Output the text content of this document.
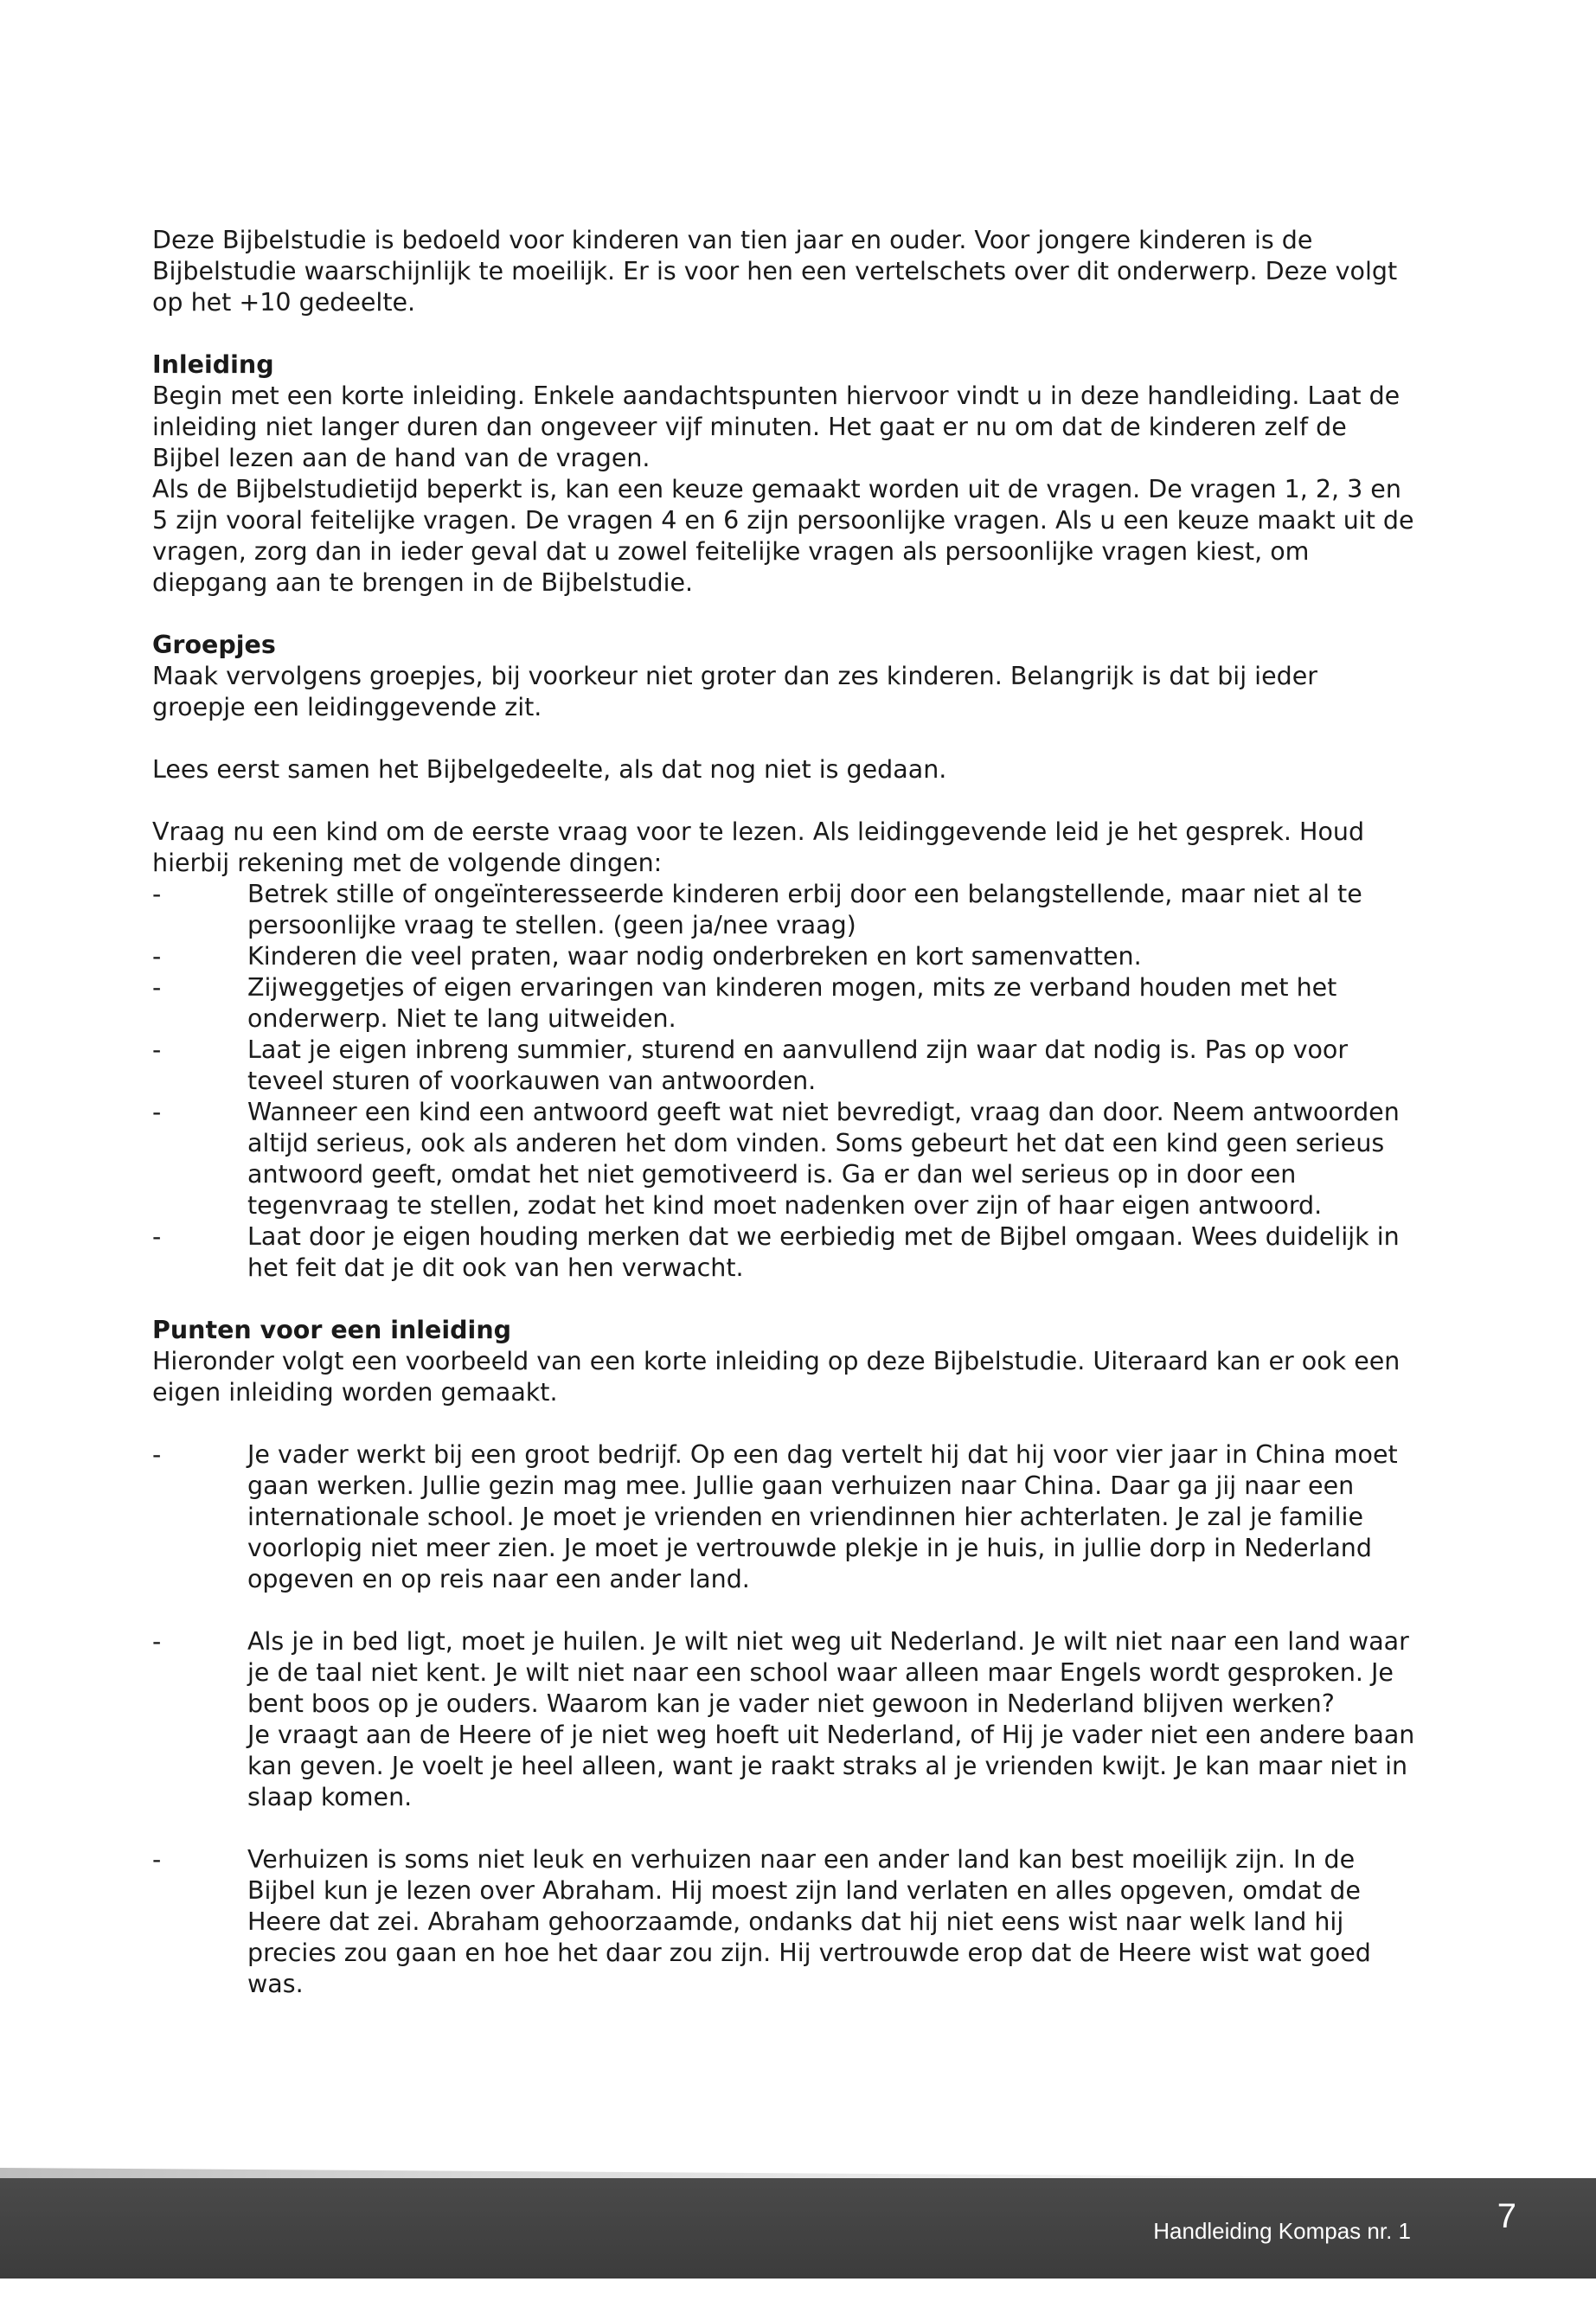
Deze Bijbelstudie is bedoeld voor kinderen van tien jaar en ouder. Voor jongere kinderen is de Bijbelstudie waarschijnlijk te moeilijk. Er is voor hen een vertelschets over dit onderwerp. Deze volgt op het +10 gedeelte.

Inleiding

Begin met een korte inleiding. Enkele aandachtspunten hiervoor vindt u in deze handleiding. Laat de inleiding niet langer duren dan ongeveer vijf minuten. Het gaat er nu om dat de kinderen zelf de Bijbel lezen aan de hand van de vragen.

Als de Bijbelstudietijd beperkt is, kan een keuze gemaakt worden uit de vragen. De vragen 1, 2, 3 en 5 zijn vooral feitelijke vragen. De vragen 4 en 6 zijn persoonlijke vragen. Als u een keuze maakt uit de vragen, zorg dan in ieder geval dat u zowel feitelijke vragen als persoonlijke vragen kiest, om diepgang aan te brengen in de Bijbelstudie.

Groepjes

Maak vervolgens groepjes, bij voorkeur niet groter dan zes kinderen. Belangrijk is dat bij ieder groepje een leidinggevende zit.

Lees eerst samen het Bijbelgedeelte, als dat nog niet is gedaan.

Vraag nu een kind om de eerste vraag voor te lezen. Als leidinggevende leid je het gesprek. Houd hierbij rekening met de volgende dingen:

-	Betrek stille of ongeïnteresseerde kinderen erbij door een belangstellende, maar niet al te persoonlijke vraag te stellen. (geen ja/nee vraag)
-	Kinderen die veel praten, waar nodig onderbreken en kort samenvatten.
-	Zijweggetjes of eigen ervaringen van kinderen mogen, mits ze verband houden met het onderwerp. Niet te lang uitweiden.
-	Laat je eigen inbreng summier, sturend en aanvullend zijn waar dat nodig is. Pas op voor teveel sturen of voorkauwen van antwoorden.
-	Wanneer een kind een antwoord geeft wat niet bevredigt, vraag dan door. Neem antwoorden altijd serieus, ook als anderen het dom vinden. Soms gebeurt het dat een kind geen serieus antwoord geeft, omdat het niet gemotiveerd is. Ga er dan wel serieus op in door een tegenvraag te stellen, zodat het kind moet nadenken over zijn of haar eigen antwoord.
-	Laat door je eigen houding merken dat we eerbiedig met de Bijbel omgaan. Wees duidelijk in het feit dat je dit ook van hen verwacht.

Punten voor een inleiding

Hieronder volgt een voorbeeld van een korte inleiding op deze Bijbelstudie. Uiteraard kan er ook een eigen inleiding worden gemaakt.

-	Je vader werkt bij een groot bedrijf. Op een dag vertelt hij dat hij voor vier jaar in China moet gaan werken. Jullie gezin mag mee. Jullie gaan verhuizen naar China. Daar ga jij naar een internationale school. Je moet je vrienden en vriendinnen hier achterlaten. Je zal je familie voorlopig niet meer zien. Je moet je vertrouwde plekje in je huis, in jullie dorp in Nederland opgeven en op reis naar een ander land.
-	Als je in bed ligt, moet je huilen. Je wilt niet weg uit Nederland. Je wilt niet naar een land waar je de taal niet kent. Je wilt niet naar een school waar alleen maar Engels wordt gesproken. Je bent boos op je ouders. Waarom kan je vader niet gewoon in Nederland blijven werken?
Je vraagt aan de Heere of je niet weg hoeft uit Nederland, of Hij je vader niet een andere baan kan geven. Je voelt je heel alleen, want je raakt straks al je vrienden kwijt. Je kan maar niet in slaap komen.
-	Verhuizen is soms niet leuk en verhuizen naar een ander land kan best moeilijk zijn. In de Bijbel kun je lezen over Abraham. Hij moest zijn land verlaten en alles opgeven, omdat de Heere dat zei. Abraham gehoorzaamde, ondanks dat hij niet eens wist naar welk land hij precies zou gaan en hoe het daar zou zijn. Hij vertrouwde erop dat de Heere wist wat goed was.
Handleiding Kompas nr. 1 7
